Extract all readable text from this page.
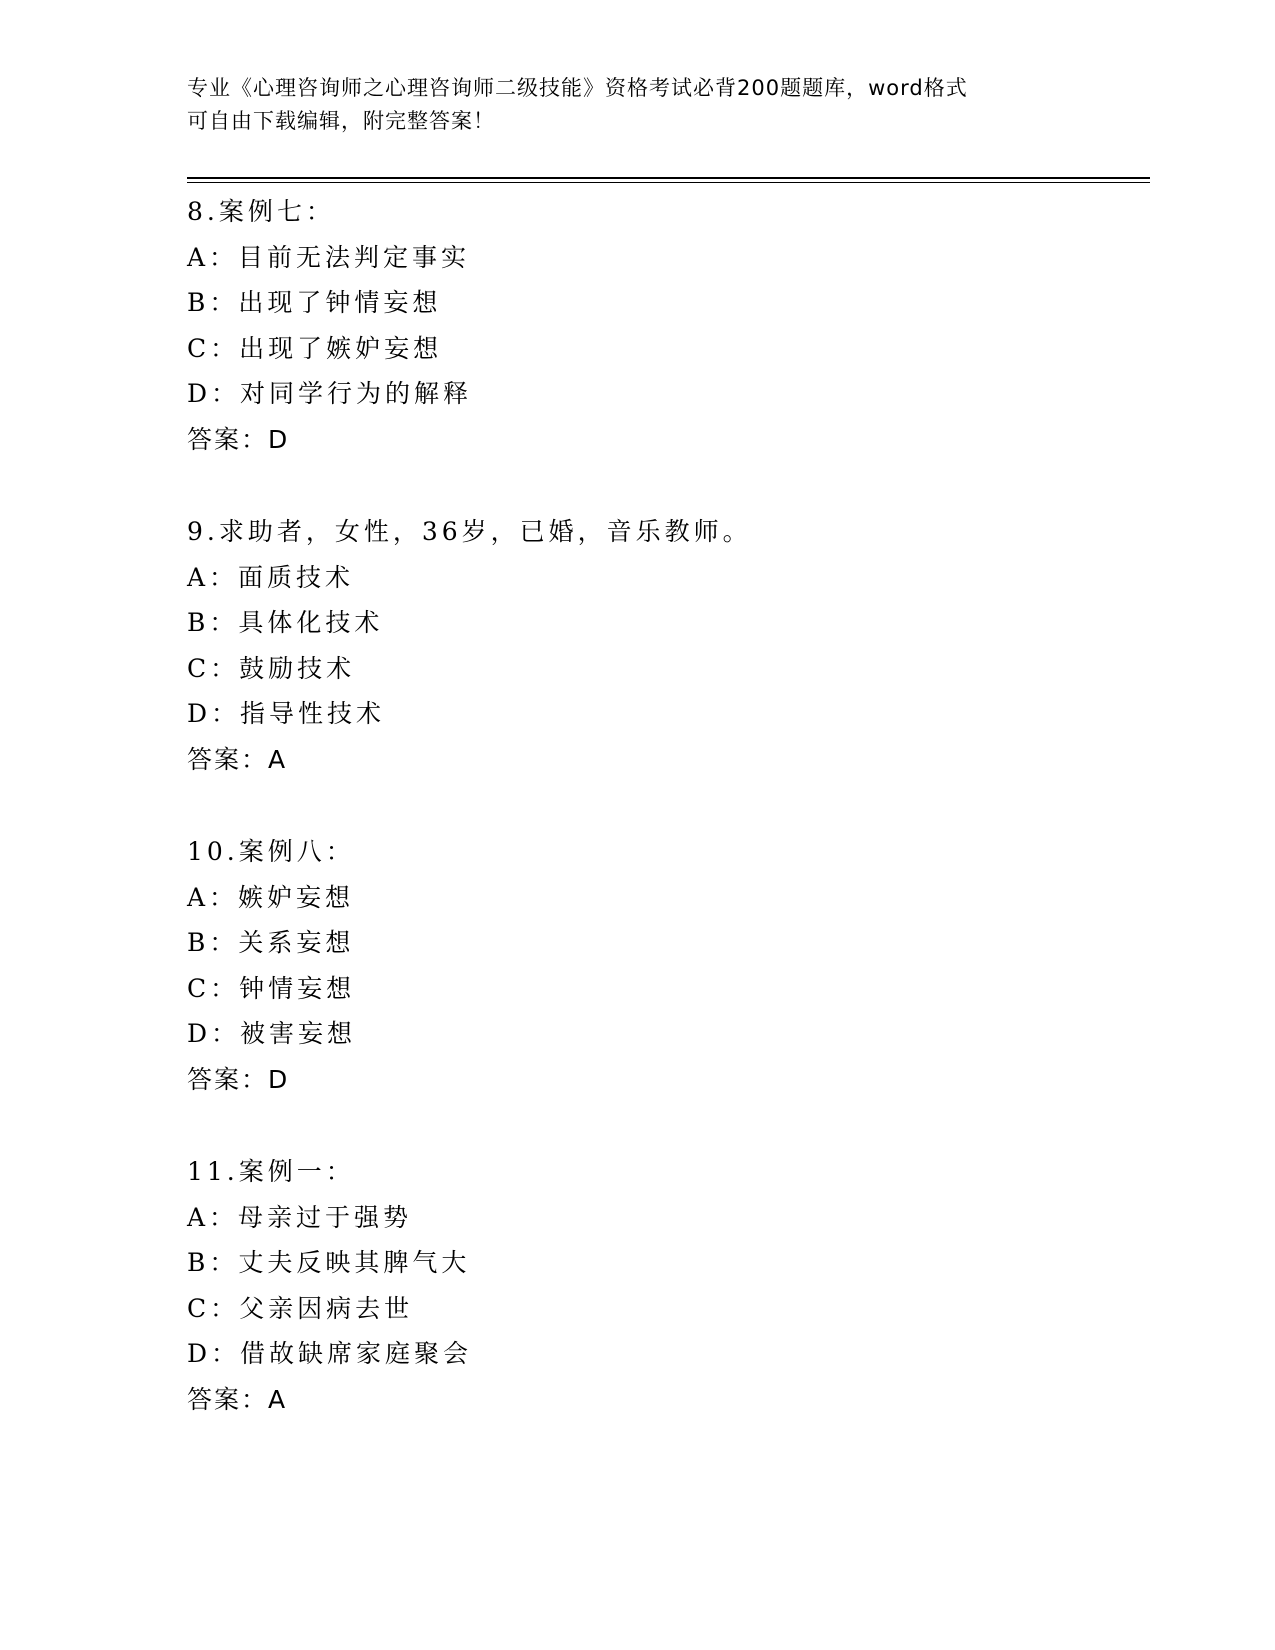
专业《心理咨询师之心理咨询师二级技能》资格考试必背200题题库，word格式
可自由下载编辑，附完整答案！
8.案例七：
A：目前无法判定事实
B：出现了钟情妄想
C：出现了嫉妒妄想
D：对同学行为的解释
答案：D
9.求助者，女性，36岁，已婚，音乐教师。
A：面质技术
B：具体化技术
C：鼓励技术
D：指导性技术
答案：A
10.案例八：
A：嫉妒妄想
B：关系妄想
C：钟情妄想
D：被害妄想
答案：D
11.案例一：
A：母亲过于强势
B：丈夫反映其脾气大
C：父亲因病去世
D：借故缺席家庭聚会
答案：A
